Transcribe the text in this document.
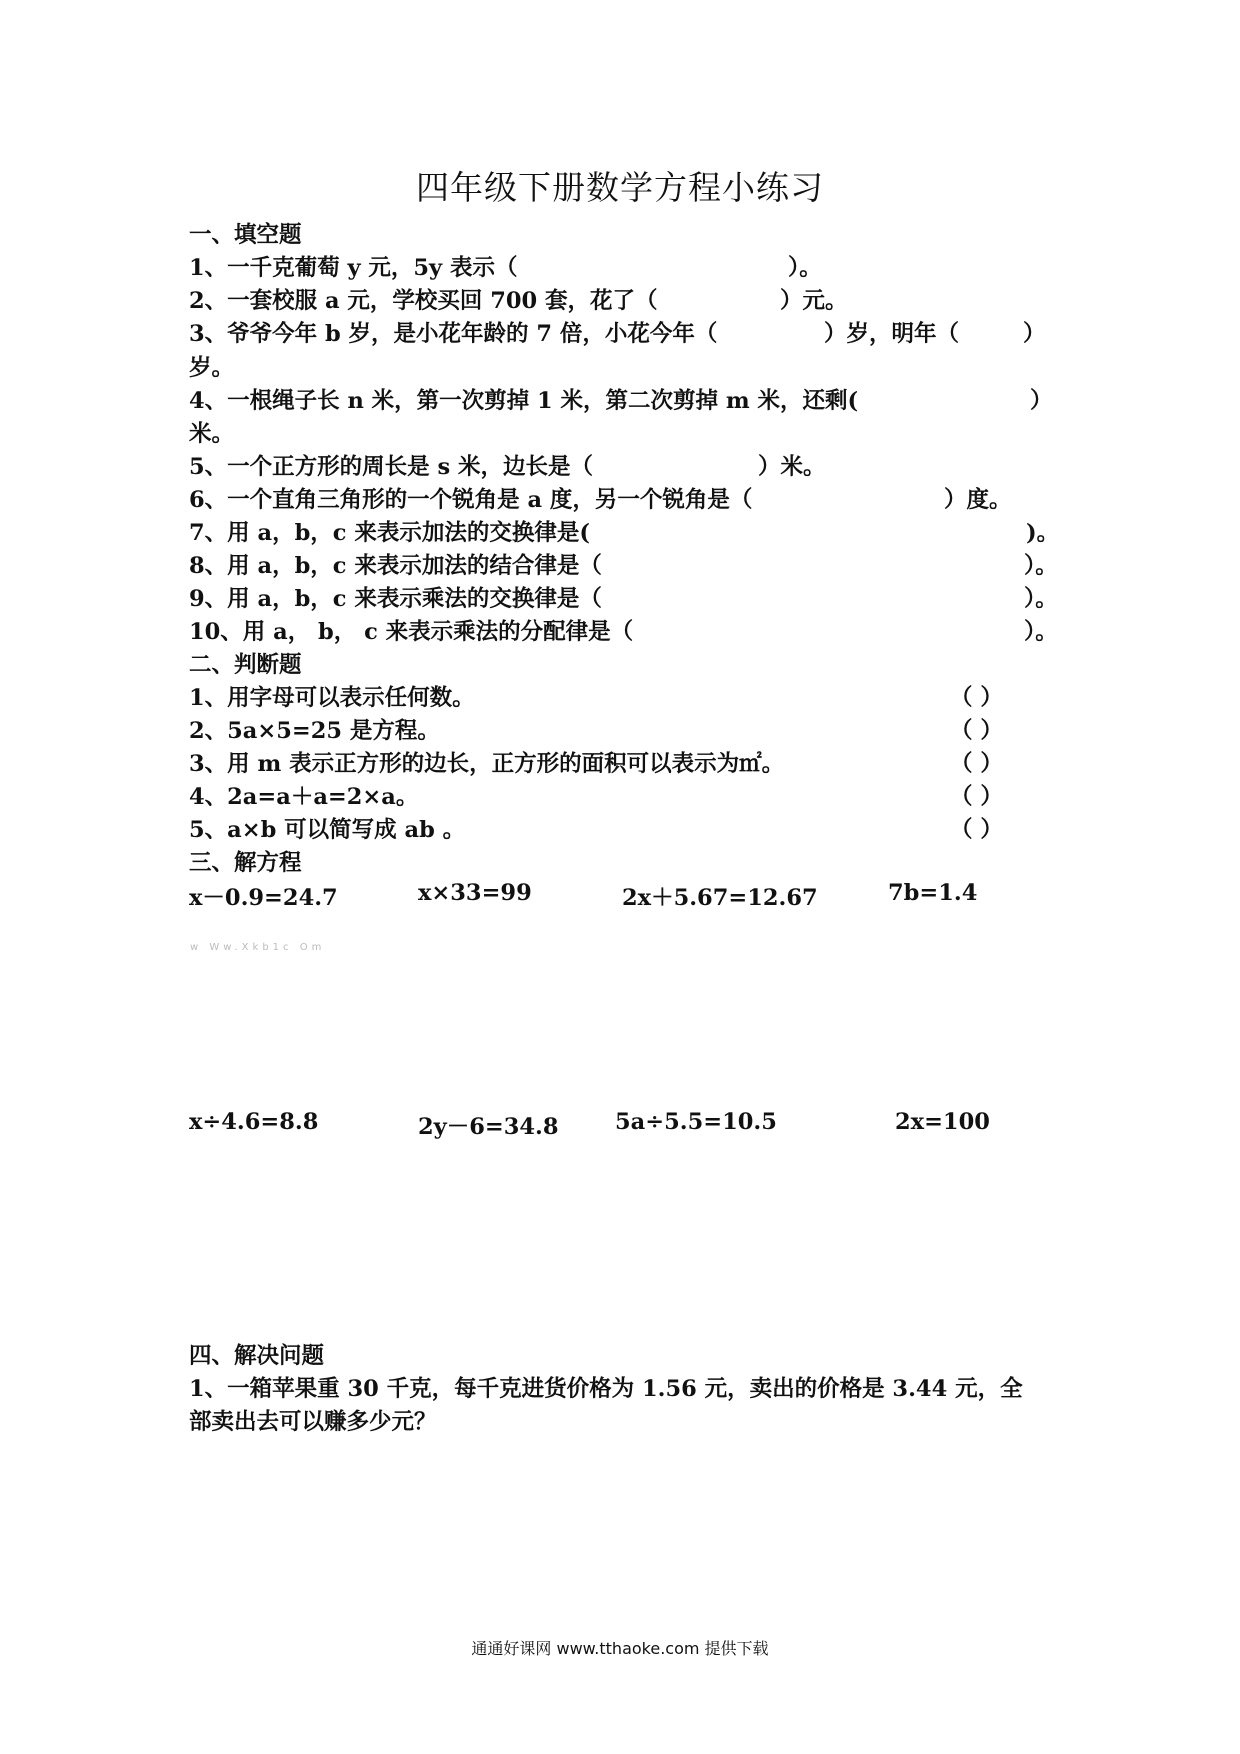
四年级下册数学方程小练习
一、填空题
1、一千克葡萄 y 元，5y 表示（	）。
2、一套校服 a 元，学校买回 700 套，花了（	）元。
3、爷爷今年 b 岁，是小花年龄的 7 倍，小花今年（	）岁，明年（	）
岁。
4、一根绳子长 n 米，第一次剪掉 1 米，第二次剪掉 m 米，还剩(	）
米。
5、一个正方形的周长是 s 米，边长是（	）米。
6、一个直角三角形的一个锐角是 a 度，另一个锐角是（	）度。
7、用 a，b，c 来表示加法的交换律是(	)。
8、用 a，b，c 来表示加法的结合律是（	）。
9、用 a，b，c 来表示乘法的交换律是（	）。
10、用 a， b， c 来表示乘法的分配律是（	）。
二、判断题
1、用字母可以表示任何数。	（ ）
2、5a×5=25 是方程。	（ ）
3、用 m 表示正方形的边长，正方形的面积可以表示为㎡。	（ ）
4、2a=a＋a=2×a。	（ ）
5、a×b 可以简写成 ab 。	（ ）
三、解方程
x－0.9=24.7	x×33=99	2x＋5.67=12.67	7b=1.4
w Ww.Xkb1c Om
x÷4.6=8.8	2y－6=34.8	5a÷5.5=10.5	2x=100
四、解决问题
1、一箱苹果重 30 千克，每千克进货价格为 1.56 元，卖出的价格是 3.44 元，全
部卖出去可以赚多少元？
通通好课网 www.tthaoke.com 提供下载
